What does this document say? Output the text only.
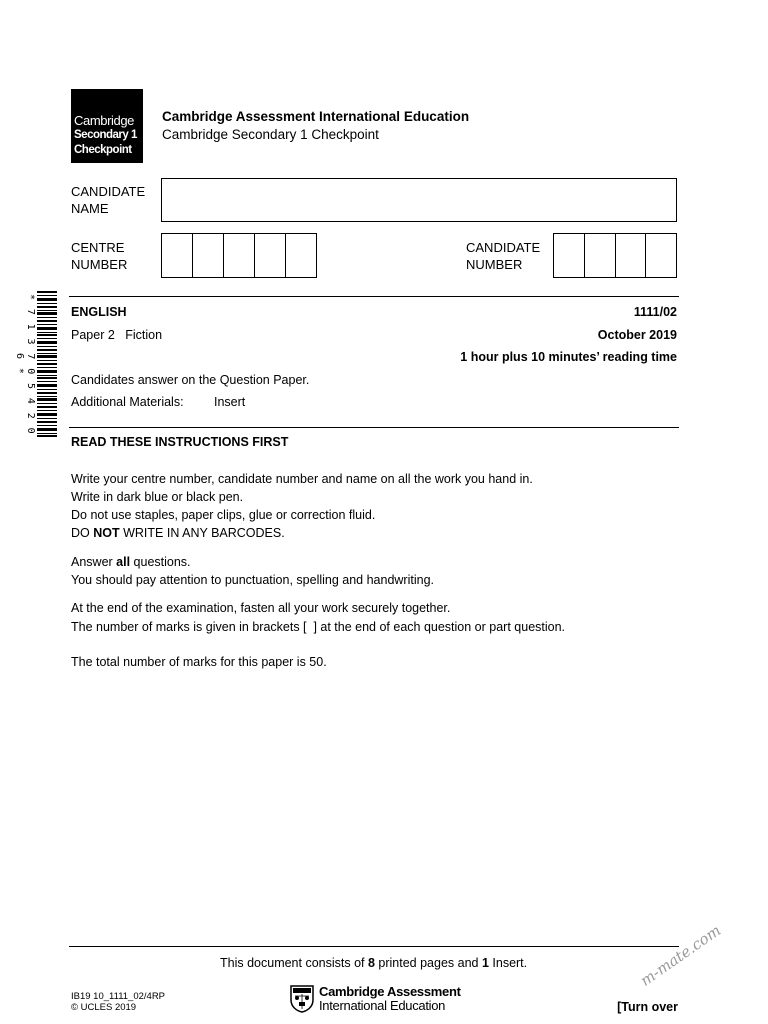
Cambridge
Secondary 1
Checkpoint
Cambridge Assessment International Education
Cambridge Secondary 1 Checkpoint
CANDIDATE
NAME
CENTRE
NUMBER
CANDIDATE
NUMBER
* 7 1 3 7 0 5 4 2 0 6 *
ENGLISH	1111/02
Paper 2   Fiction	October 2019
1 hour plus 10 minutes’ reading time
Candidates answer on the Question Paper.
Additional Materials: Insert
READ THESE INSTRUCTIONS FIRST
Write your centre number, candidate number and name on all the work you hand in.
Write in dark blue or black pen.
Do not use staples, paper clips, glue or correction fluid.
DO NOT WRITE IN ANY BARCODES.
Answer all questions.
You should pay attention to punctuation, spelling and handwriting.
At the end of the examination, fasten all your work securely together.
The number of marks is given in brackets [  ] at the end of each question or part question.
The total number of marks for this paper is 50.
This document consists of 8 printed pages and 1 Insert.
IB19 10_1111_02/4RP
© UCLES 2019
Cambridge Assessment
International Education	[Turn over
m-mate.com
